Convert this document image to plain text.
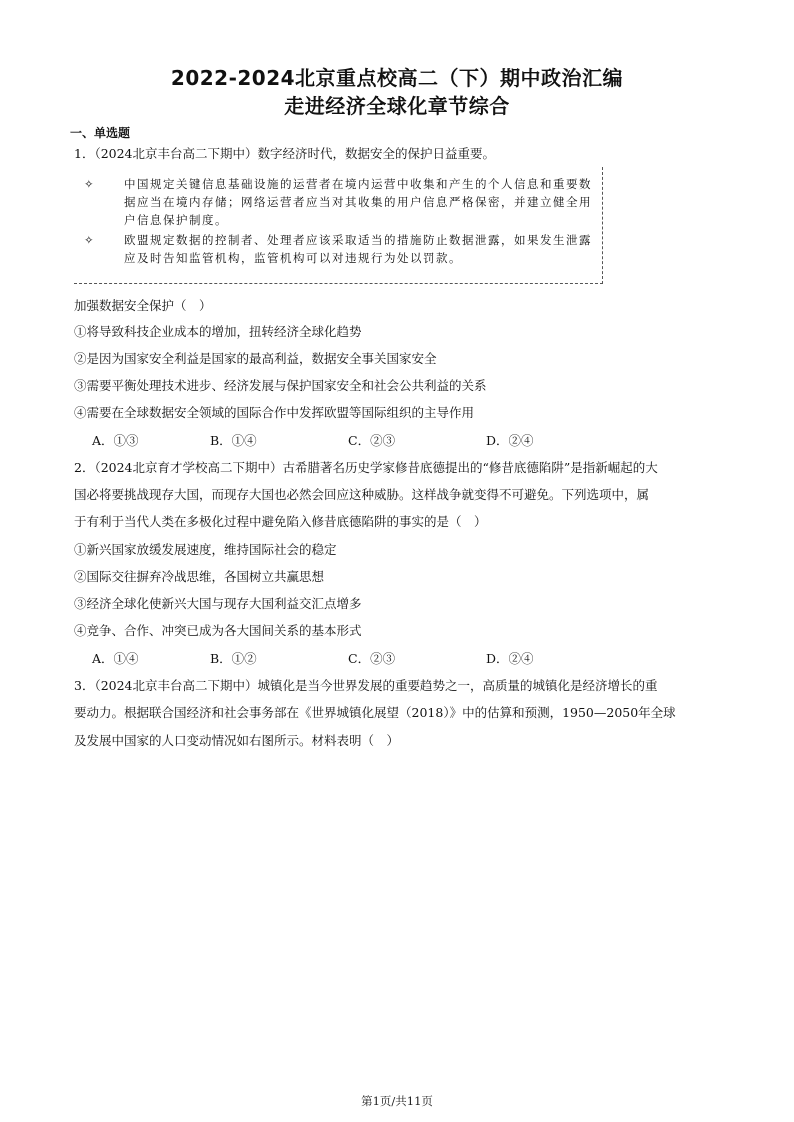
2022-2024北京重点校高二（下）期中政治汇编
走进经济全球化章节综合
一、单选题
1．（2024北京丰台高二下期中）数字经济时代，数据安全的保护日益重要。
✧	中国规定关键信息基础设施的运营者在境内运营中收集和产生的个人信息和重要数据应当在境内存储；网络运营者应当对其收集的用户信息严格保密，并建立健全用户信息保护制度。
✧	欧盟规定数据的控制者、处理者应该采取适当的措施防止数据泄露，如果发生泄露应及时告知监管机构，监管机构可以对违规行为处以罚款。
加强数据安全保护（　）
①将导致科技企业成本的增加，扭转经济全球化趋势
②是因为国家安全利益是国家的最高利益，数据安全事关国家安全
③需要平衡处理技术进步、经济发展与保护国家安全和社会公共利益的关系
④需要在全球数据安全领域的国际合作中发挥欧盟等国际组织的主导作用
A．①③	B．①④	C．②③	D．②④
2．（2024北京育才学校高二下期中）古希腊著名历史学家修昔底德提出的“修昔底德陷阱”是指新崛起的大
国必将要挑战现存大国，而现存大国也必然会回应这种威胁。这样战争就变得不可避免。下列选项中，属
于有利于当代人类在多极化过程中避免陷入修昔底德陷阱的事实的是（　）
①新兴国家放缓发展速度，维持国际社会的稳定
②国际交往摒弃冷战思维，各国树立共赢思想
③经济全球化使新兴大国与现存大国利益交汇点增多
④竞争、合作、冲突已成为各大国间关系的基本形式
A．①④	B．①②	C．②③	D．②④
3．（2024北京丰台高二下期中）城镇化是当今世界发展的重要趋势之一，高质量的城镇化是经济增长的重
要动力。根据联合国经济和社会事务部在《世界城镇化展望（2018）》中的估算和预测，1950—2050年全球
及发展中国家的人口变动情况如右图所示。材料表明（　）
第1页/共11页
